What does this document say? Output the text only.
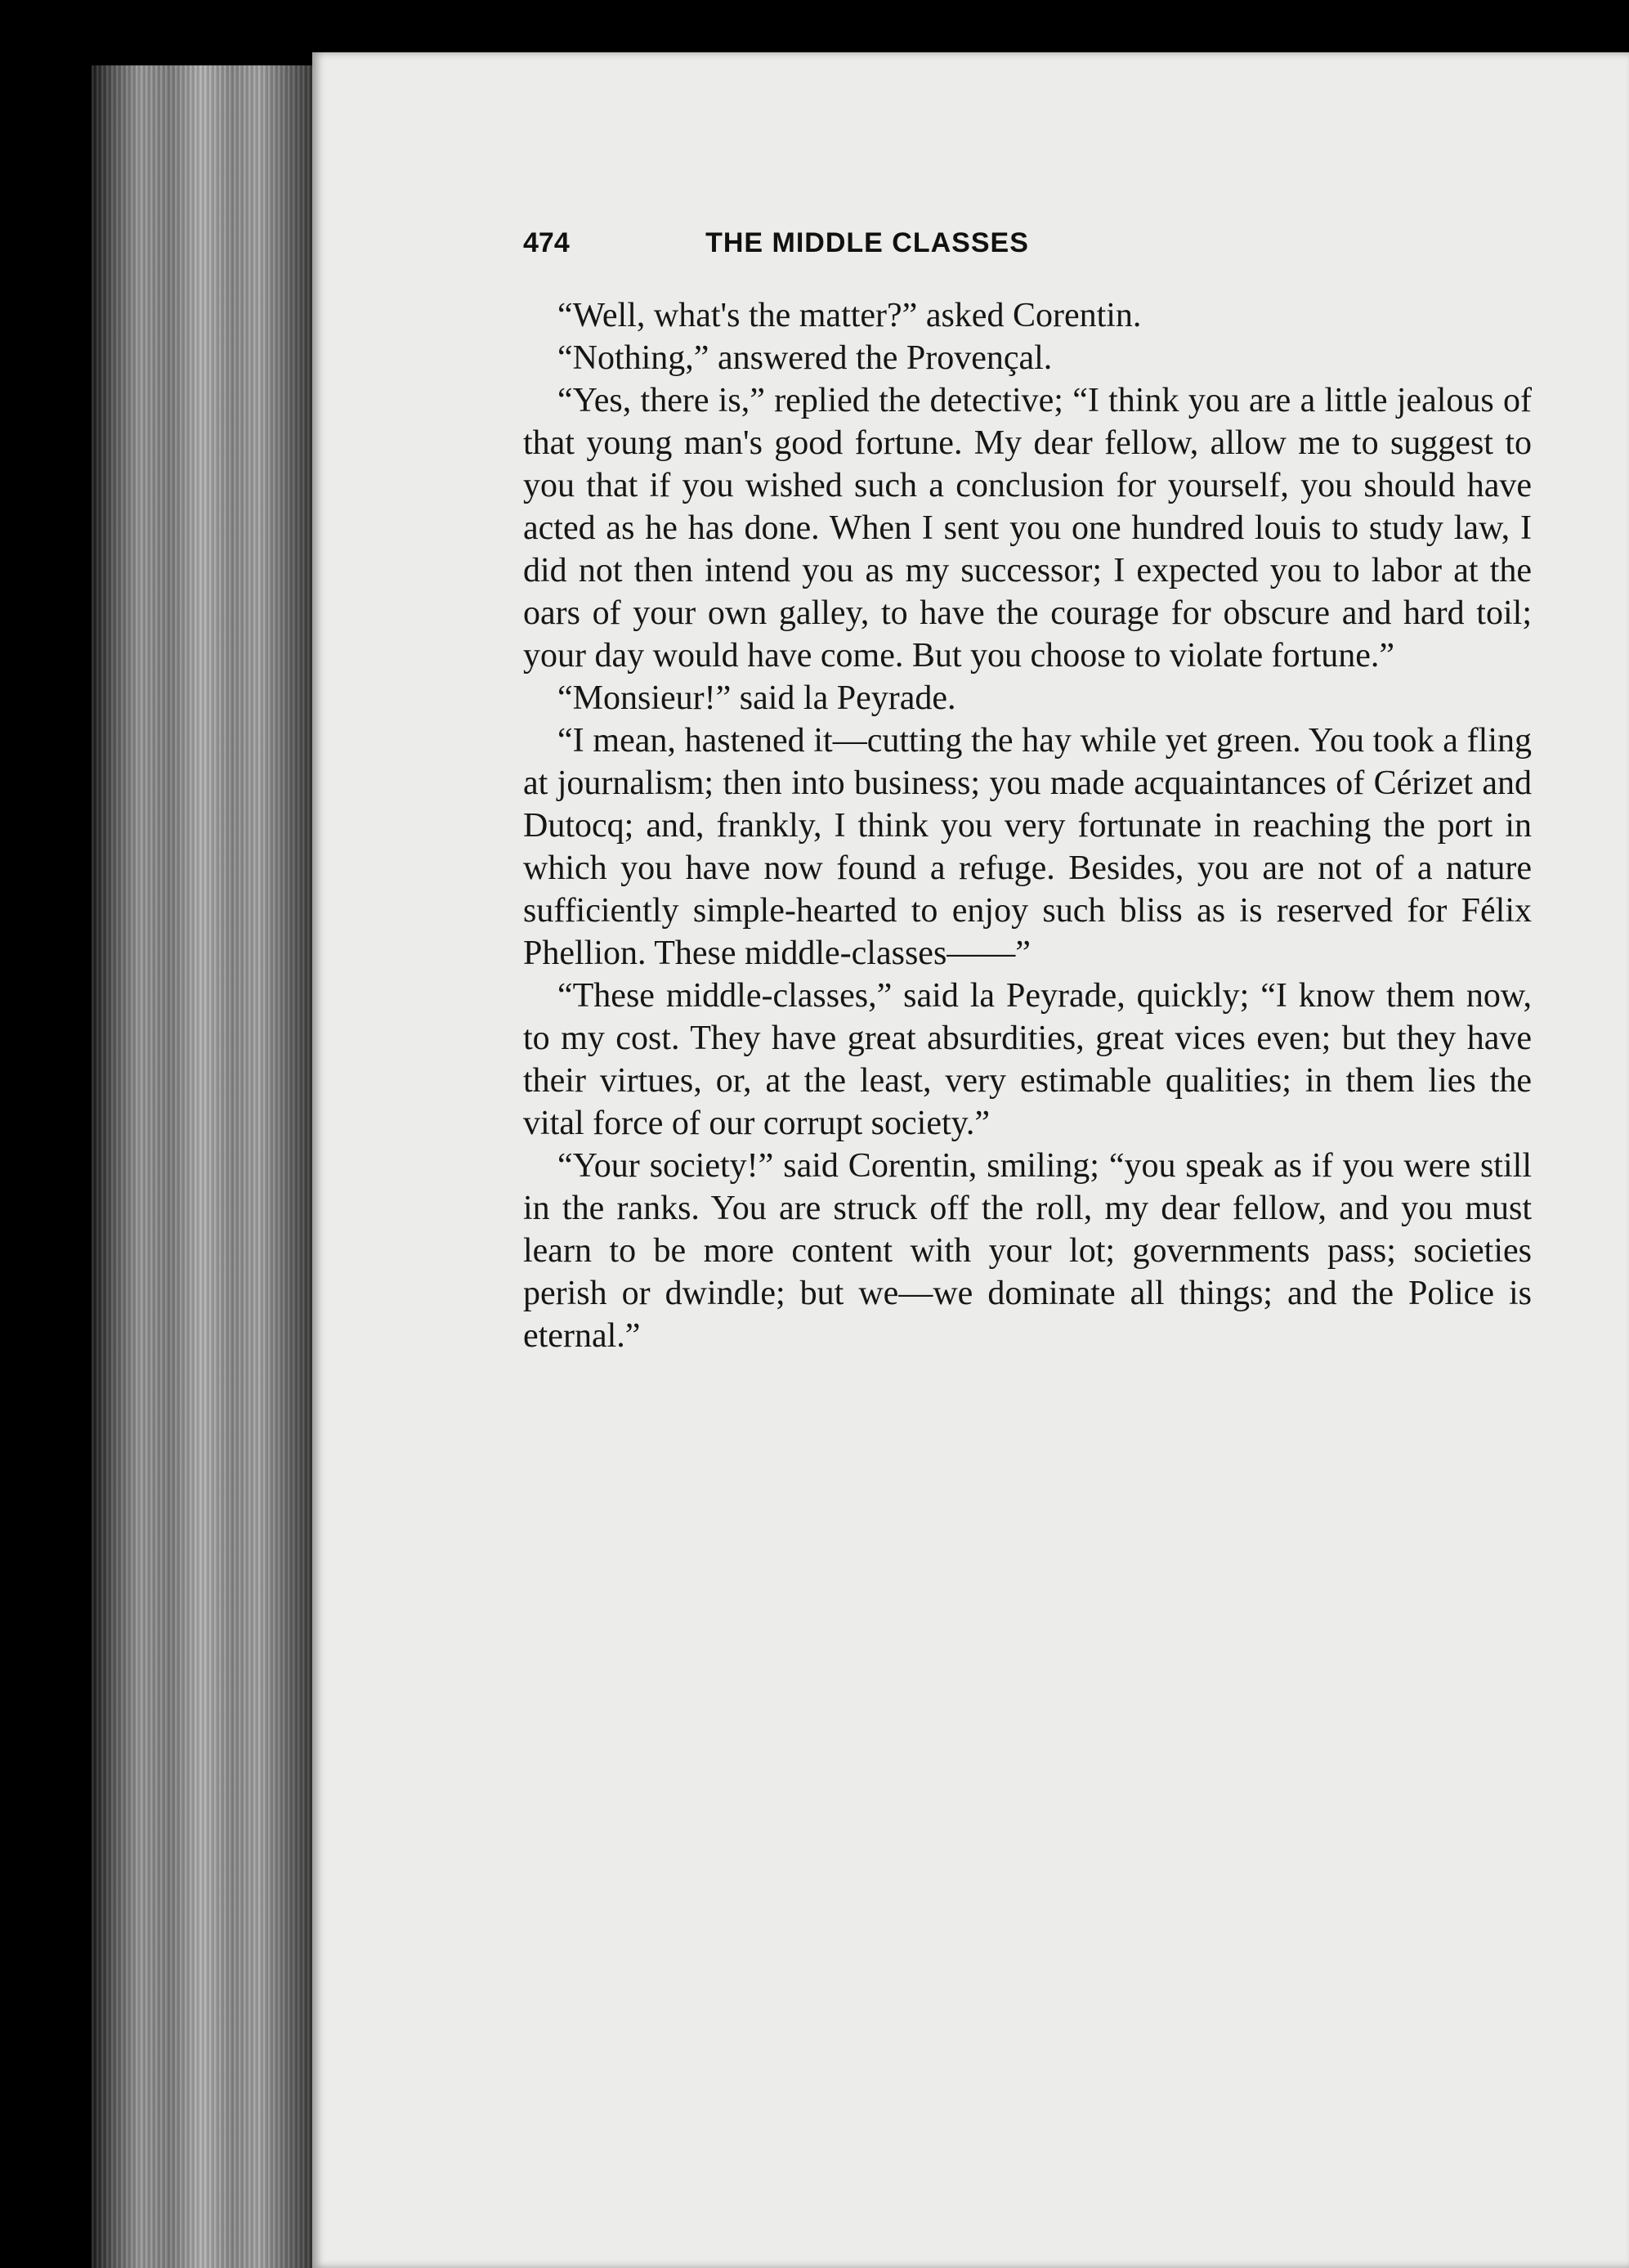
474	THE MIDDLE CLASSES

“Well, what's the matter?” asked Corentin.

“Nothing,” answered the Provençal.

“Yes, there is,” replied the detective; “I think you are a little jealous of that young man's good fortune. My dear fellow, allow me to suggest to you that if you wished such a conclusion for yourself, you should have acted as he has done. When I sent you one hundred louis to study law, I did not then intend you as my successor; I expected you to labor at the oars of your own galley, to have the courage for obscure and hard toil; your day would have come. But you choose to violate fortune.”

“Monsieur!” said la Peyrade.

“I mean, hastened it—cutting the hay while yet green. You took a fling at journalism; then into business; you made acquaintances of Cérizet and Dutocq; and, frankly, I think you very fortunate in reaching the port in which you have now found a refuge. Besides, you are not of a nature sufficiently simple-hearted to enjoy such bliss as is reserved for Félix Phellion. These middle-classes——”

“These middle-classes,” said la Peyrade, quickly; “I know them now, to my cost. They have great absurdities, great vices even; but they have their virtues, or, at the least, very estimable qualities; in them lies the vital force of our corrupt society.”

“Your society!” said Corentin, smiling; “you speak as if you were still in the ranks. You are struck off the roll, my dear fellow, and you must learn to be more content with your lot; governments pass; societies perish or dwindle; but we—we dominate all things; and the Police is eternal.”
